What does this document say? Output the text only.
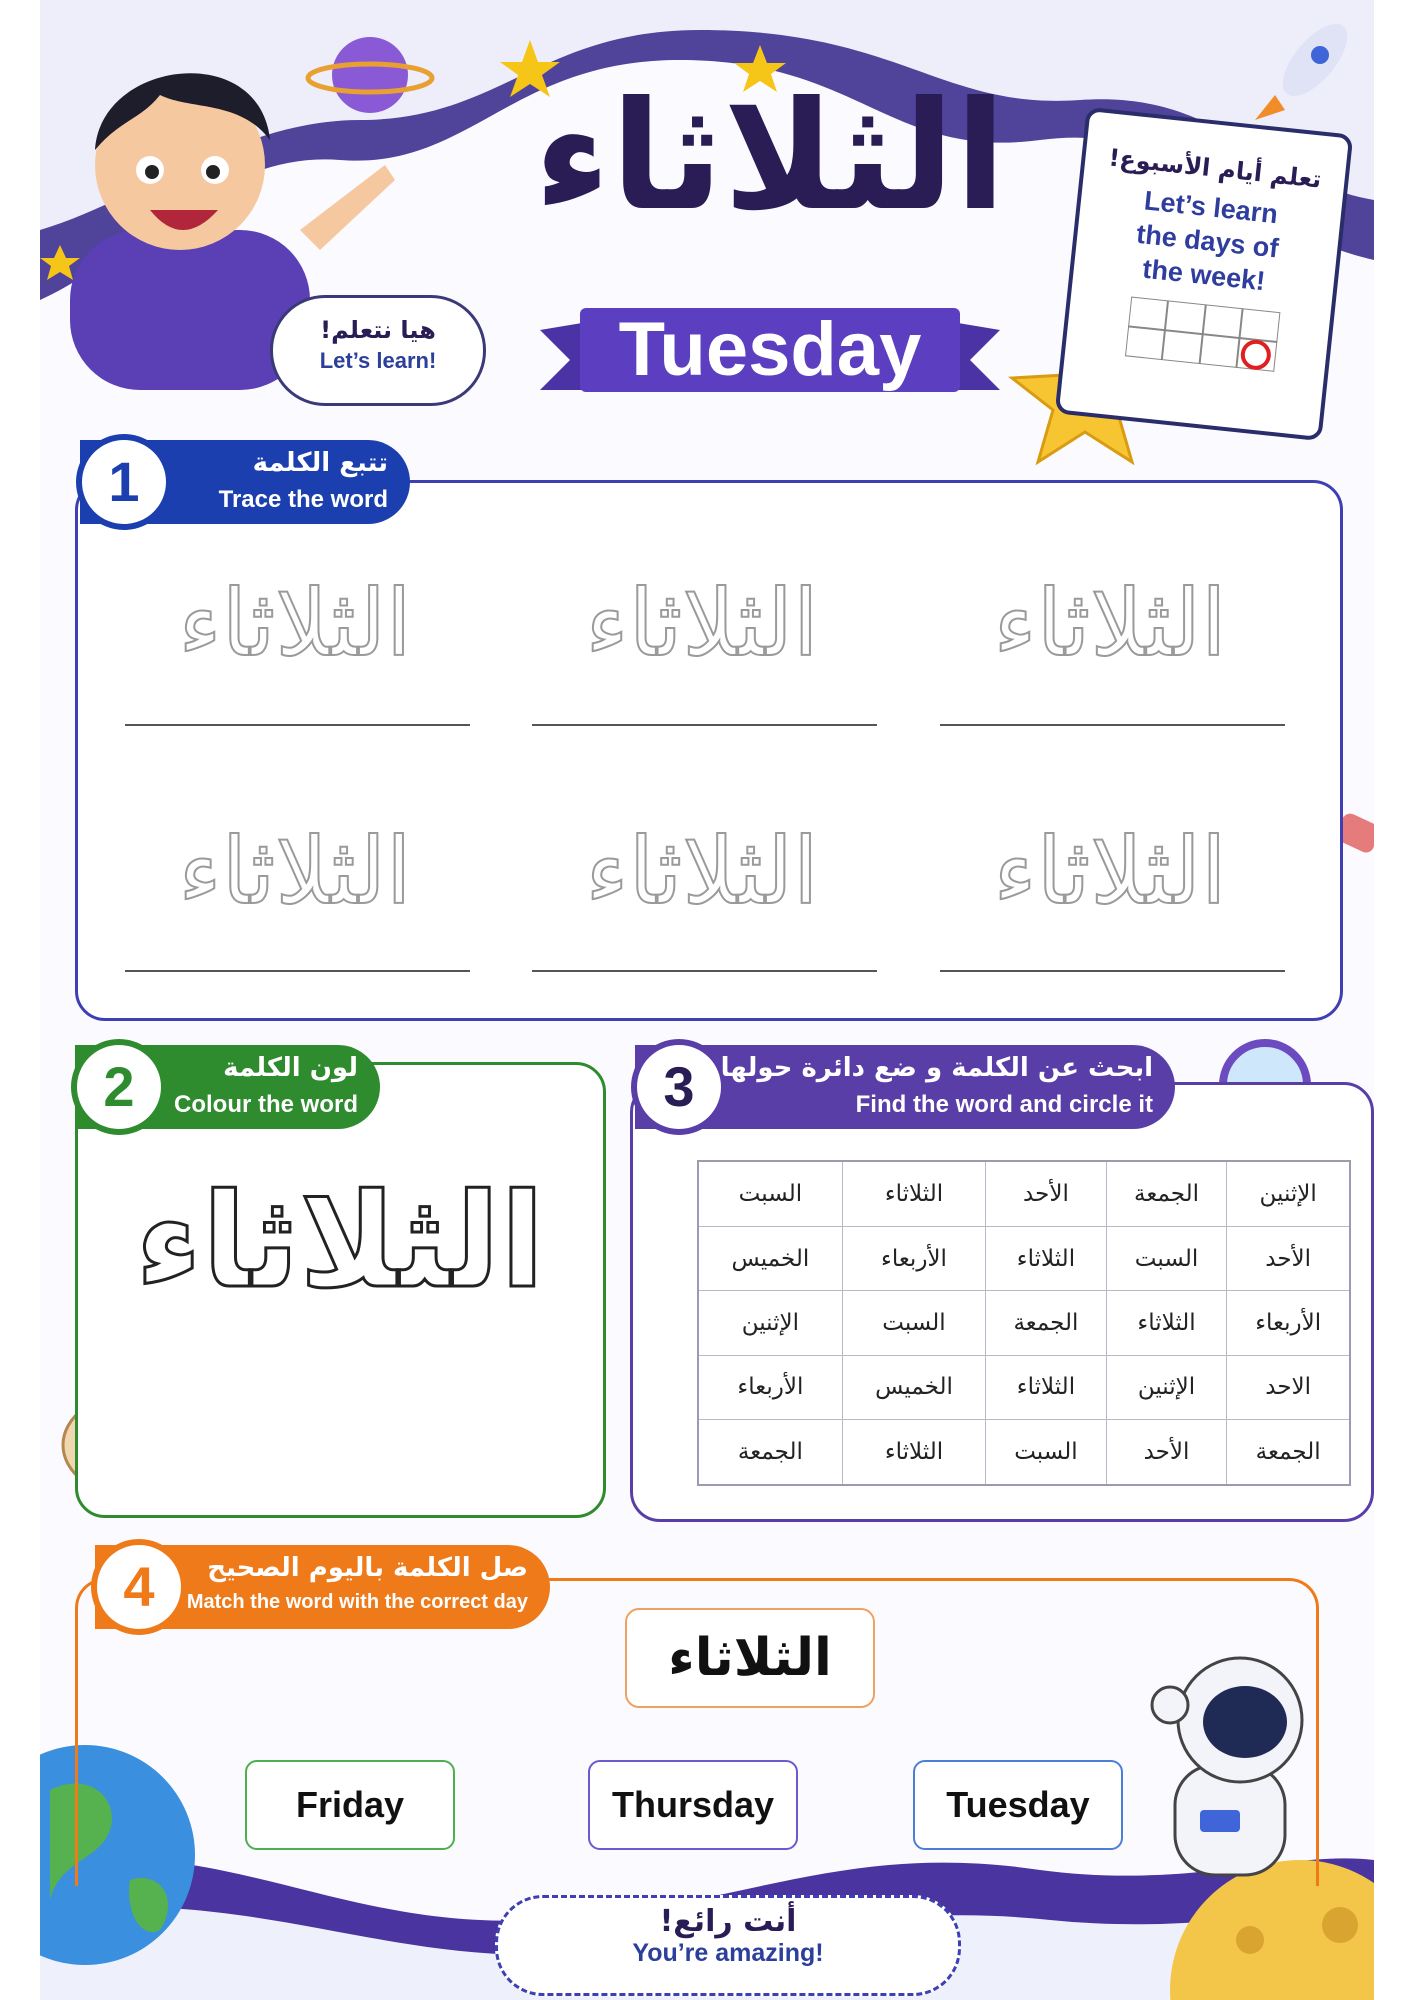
الثلاثاء
Tuesday
هيا نتعلم!
Let’s learn!
تعلم أيام الأسبوع!
Let’s learn
the days of
the week!
1	تتبع الكلمة
Trace the word
الثلاثاء	الثلاثاء	الثلاثاء
الثلاثاء	الثلاثاء	الثلاثاء
2	لون الكلمة
Colour the word
الثلاثاء
3	ابحث عن الكلمة و ضع دائرة حولها
Find the word and circle it
الإثنين	الجمعة	الأحد	الثلاثاء	السبت
الأحد	السبت	الثلاثاء	الأربعاء	الخميس
الأربعاء	الثلاثاء	الجمعة	السبت	الإثنين
الاحد	الإثنين	الثلاثاء	الخميس	الأربعاء
الجمعة	الأحد	السبت	الثلاثاء	الجمعة
4	صل الكلمة باليوم الصحيح
Match the word with the correct day
الثلاثاء
Friday	Thursday	Tuesday
أنت رائع!
You’re amazing!
